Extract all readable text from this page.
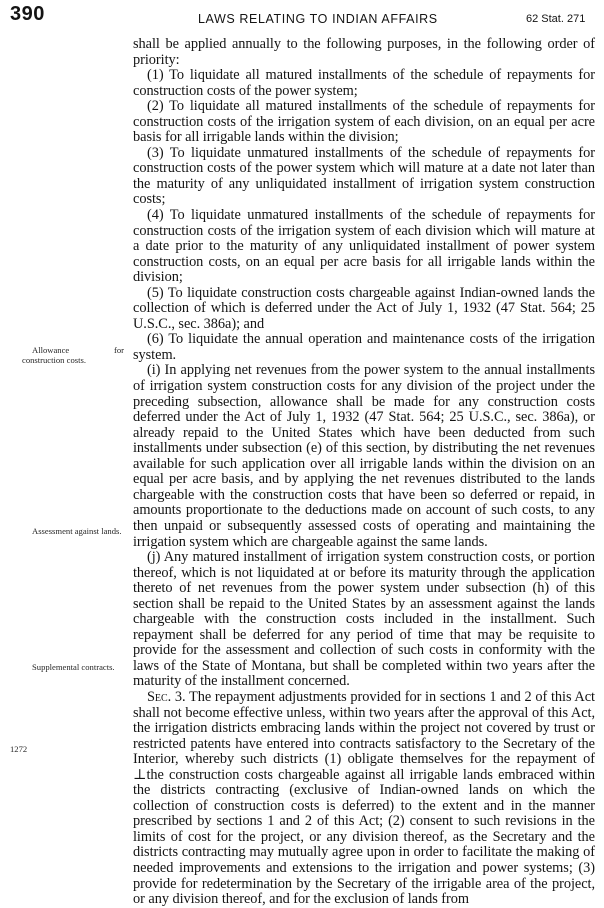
390	LAWS RELATING TO INDIAN AFFAIRS	62 Stat. 271
Allowance for construction costs.
Assessment against lands.
Supplemental contracts.
1272

shall be applied annually to the following purposes, in the following order of priority:

(1) To liquidate all matured installments of the schedule of repayments for construction costs of the power system;

(2) To liquidate all matured installments of the schedule of repayments for construction costs of the irrigation system of each division, on an equal per acre basis for all irrigable lands within the division;

(3) To liquidate unmatured installments of the schedule of repayments for construction costs of the power system which will mature at a date not later than the maturity of any unliquidated installment of irrigation system construction costs;

(4) To liquidate unmatured installments of the schedule of repayments for construction costs of the irrigation system of each division which will mature at a date prior to the maturity of any unliquidated installment of power system construction costs, on an equal per acre basis for all irrigable lands within the division;

(5) To liquidate construction costs chargeable against Indian-owned lands the collection of which is deferred under the Act of July 1, 1932 (47 Stat. 564; 25 U.S.C., sec. 386a); and

(6) To liquidate the annual operation and maintenance costs of the irrigation system.

(i) In applying net revenues from the power system to the annual installments of irrigation system construction costs for any division of the project under the preceding subsection, allowance shall be made for any construction costs deferred under the Act of July 1, 1932 (47 Stat. 564; 25 U.S.C., sec. 386a), or already repaid to the United States which have been deducted from such installments under subsection (e) of this section, by distributing the net revenues available for such application over all irrigable lands within the division on an equal per acre basis, and by applying the net revenues distributed to the lands chargeable with the construction costs that have been so deferred or repaid, in amounts proportionate to the deductions made on account of such costs, to any then unpaid or subsequently assessed costs of operating and maintaining the irrigation system which are chargeable against the same lands.

(j) Any matured installment of irrigation system construction costs, or portion thereof, which is not liquidated at or before its maturity through the application thereto of net revenues from the power system under subsection (h) of this section shall be repaid to the United States by an assessment against the lands chargeable with the construction costs included in the installment. Such repayment shall be deferred for any period of time that may be requisite to provide for the assessment and collection of such costs in conformity with the laws of the State of Montana, but shall be completed within two years after the maturity of the installment concerned.

Sec. 3. The repayment adjustments provided for in sections 1 and 2 of this Act shall not become effective unless, within two years after the approval of this Act, the irrigation districts embracing lands within the project not covered by trust or restricted patents have entered into contracts satisfactory to the Secretary of the Interior, whereby such districts (1) obligate themselves for the repayment of ⊥the construction costs chargeable against all irrigable lands embraced within the districts contracting (exclusive of Indian-owned lands on which the collection of construction costs is deferred) to the extent and in the manner prescribed by sections 1 and 2 of this Act; (2) consent to such revisions in the limits of cost for the project, or any division thereof, as the Secretary and the districts contracting may mutually agree upon in order to facilitate the making of needed improvements and extensions to the irrigation and power systems; (3) provide for redetermination by the Secretary of the irrigable area of the project, or any division thereof, and for the exclusion of lands from
